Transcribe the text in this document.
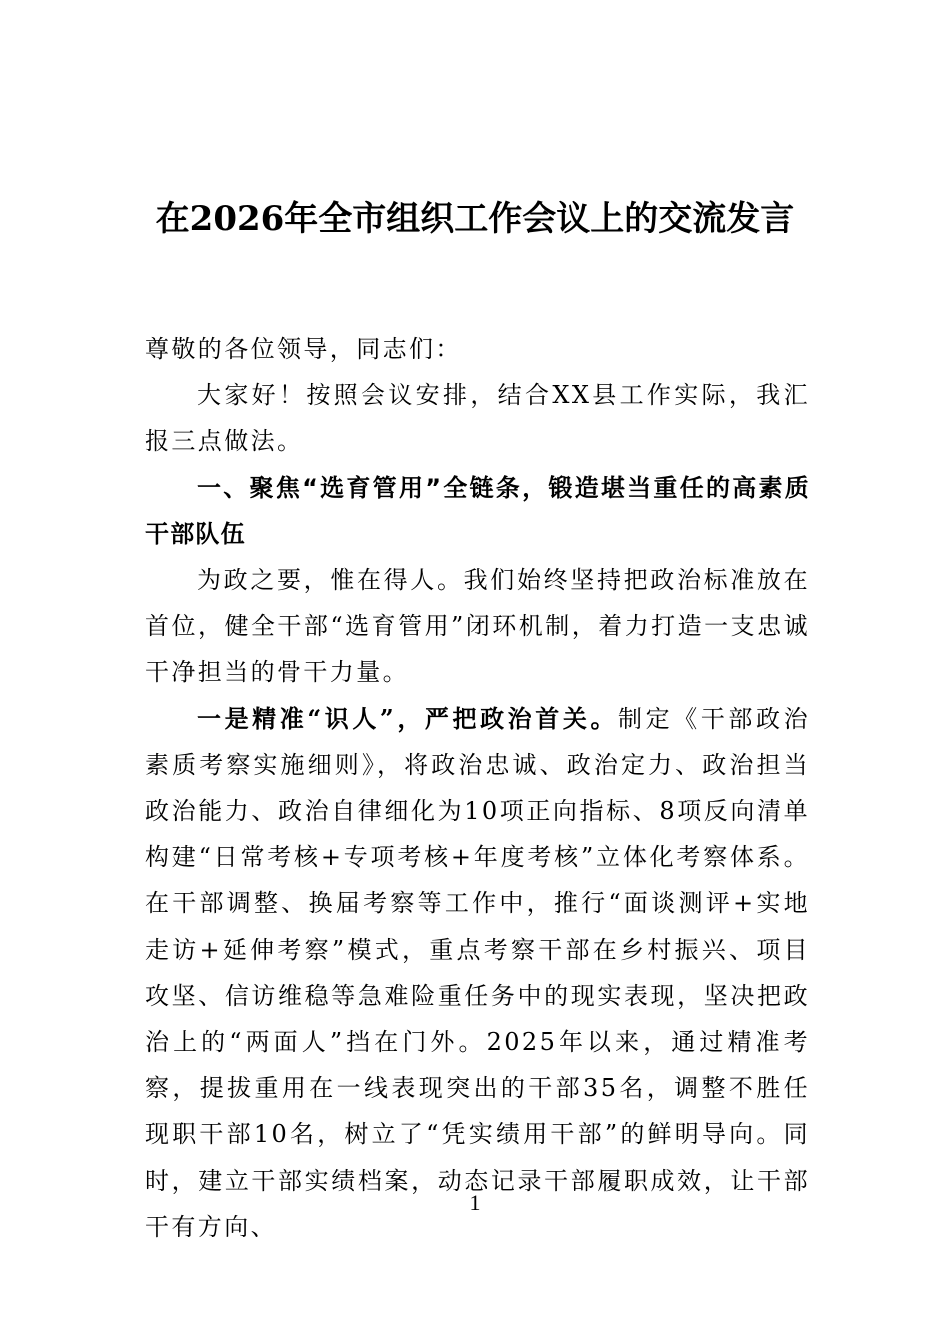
在2026年全市组织工作会议上的交流发言

尊敬的各位领导，同志们：

大家好！按照会议安排，结合XX县工作实际，我汇报三点做法。

一、聚焦“选育管用”全链条，锻造堪当重任的高素质干部队伍

为政之要，惟在得人。我们始终坚持把政治标准放在首位，健全干部“选育管用”闭环机制，着力打造一支忠诚干净担当的骨干力量。

一是精准“识人”，严把政治首关。制定《干部政治素质考察实施细则》，将政治忠诚、政治定力、政治担当政治能力、政治自律细化为10项正向指标、8项反向清单构建“日常考核+专项考核+年度考核”立体化考察体系。在干部调整、换届考察等工作中，推行“面谈测评+实地走访+延伸考察”模式，重点考察干部在乡村振兴、项目攻坚、信访维稳等急难险重任务中的现实表现，坚决把政治上的“两面人”挡在门外。2025年以来，通过精准考察，提拔重用在一线表现突出的干部35名，调整不胜任现职干部10名，树立了“凭实绩用干部”的鲜明导向。同时，建立干部实绩档案，动态记录干部履职成效，让干部干有方向、

1
